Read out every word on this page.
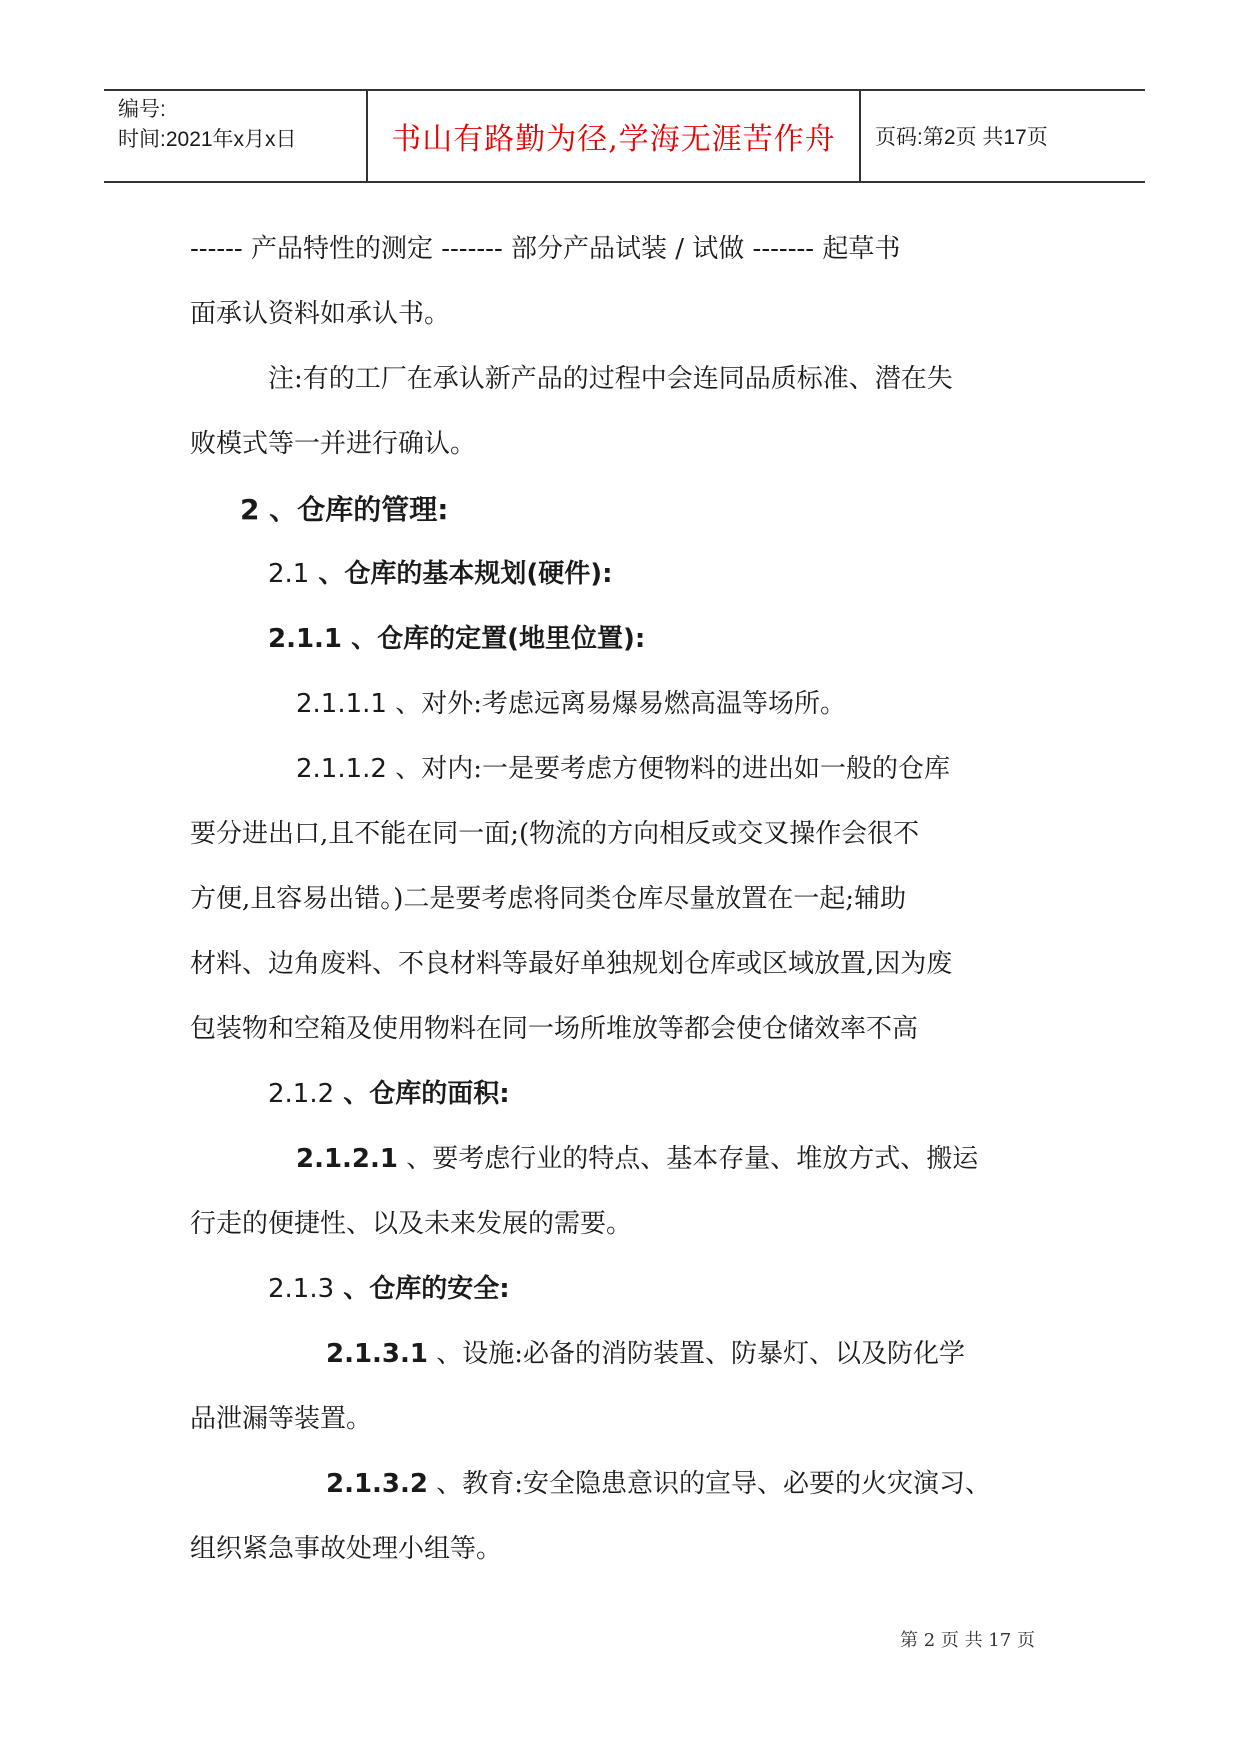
编号:
时间:2021年x月x日	书山有路勤为径,学海无涯苦作舟 页码:第2页 共17页
------ 产品特性的测定 ------- 部分产品试装 / 试做 ------- 起草书
面承认资料如承认书。
注:有的工厂在承认新产品的过程中会连同品质标准、潜在失
败模式等一并进行确认。
2 、仓库的管理:
2.1 、仓库的基本规划(硬件):
2.1.1 、仓库的定置(地里位置):
2.1.1.1 、对外:考虑远离易爆易燃高温等场所。
2.1.1.2 、对内:一是要考虑方便物料的进出如一般的仓库
要分进出口,且不能在同一面;(物流的方向相反或交叉操作会很不
方便,且容易出错。)二是要考虑将同类仓库尽量放置在一起;辅助
材料、边角废料、不良材料等最好单独规划仓库或区域放置,因为废
包装物和空箱及使用物料在同一场所堆放等都会使仓储效率不高
2.1.2 、仓库的面积:
2.1.2.1 、要考虑行业的特点、基本存量、堆放方式、搬运
行走的便捷性、以及未来发展的需要。
2.1.3 、仓库的安全:
2.1.3.1 、设施:必备的消防装置、防暴灯、以及防化学
品泄漏等装置。
2.1.3.2 、教育:安全隐患意识的宣导、必要的火灾演习、
组织紧急事故处理小组等。
第 2 页 共 17 页
